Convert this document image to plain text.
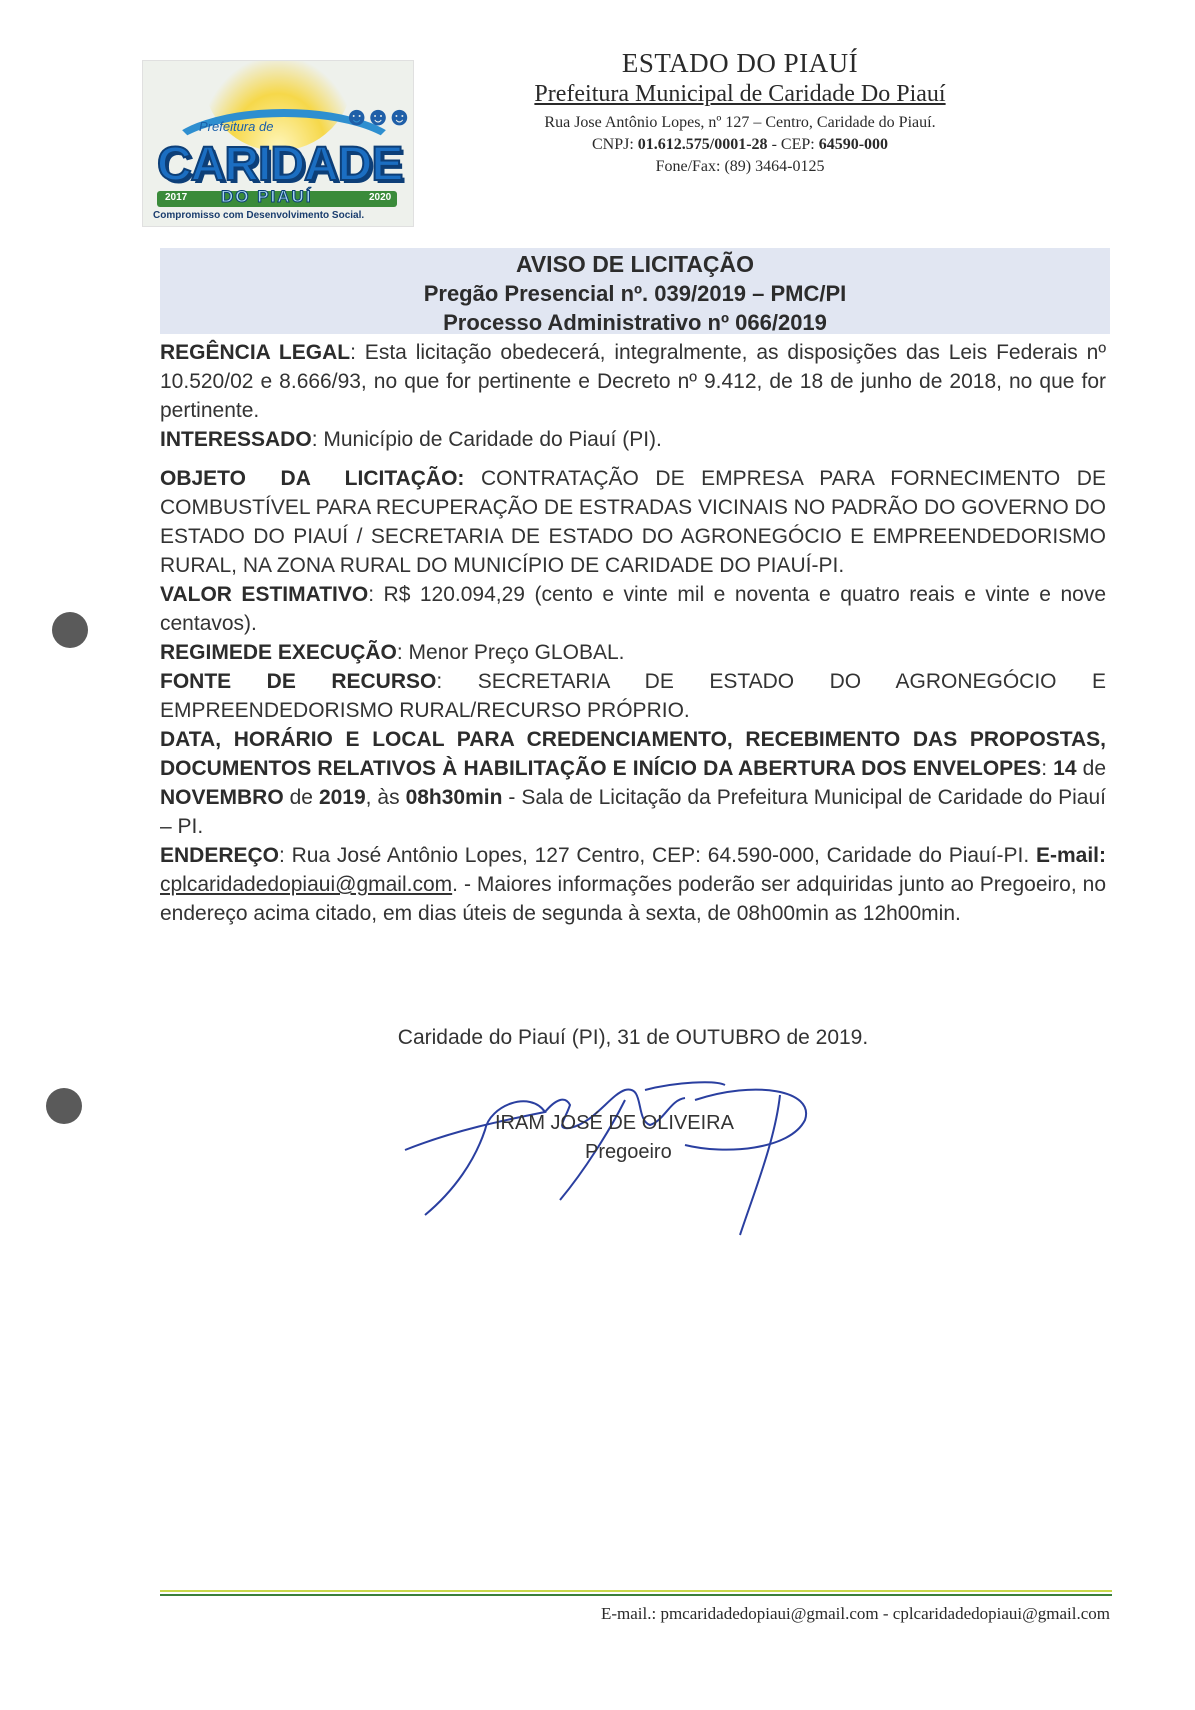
☻☻☻
Prefeitura de
CARIDADE
2017 DO PIAUÍ	2020
Compromisso com Desenvolvimento Social.
ESTADO DO PIAUÍ
Prefeitura Municipal de Caridade Do Piauí
Rua Jose Antônio Lopes, nº 127 – Centro, Caridade do Piauí.
CNPJ: 01.612.575/0001-28 - CEP: 64590-000
Fone/Fax: (89) 3464-0125
AVISO DE LICITAÇÃO
Pregão Presencial nº. 039/2019 – PMC/PI
Processo Administrativo nº 066/2019

REGÊNCIA LEGAL: Esta licitação obedecerá, integralmente, as disposições das Leis Federais nº 10.520/02 e 8.666/93, no que for pertinente e Decreto nº 9.412, de 18 de junho de 2018, no que for pertinente.

INTERESSADO: Município de Caridade do Piauí (PI).

OBJETO DA LICITAÇÃO: CONTRATAÇÃO DE EMPRESA PARA FORNECIMENTO DE COMBUSTÍVEL PARA RECUPERAÇÃO DE ESTRADAS VICINAIS NO PADRÃO DO GOVERNO DO ESTADO DO PIAUÍ / SECRETARIA DE ESTADO DO AGRONEGÓCIO E EMPREENDEDORISMO RURAL, NA ZONA RURAL DO MUNICÍPIO DE CARIDADE DO PIAUÍ-PI.

VALOR ESTIMATIVO: R$ 120.094,29 (cento e vinte mil e noventa e quatro reais e vinte e nove centavos).

REGIMEDE EXECUÇÃO: Menor Preço GLOBAL.

FONTE DE RECURSO: SECRETARIA DE ESTADO DO AGRONEGÓCIO E EMPREENDEDORISMO RURAL/RECURSO PRÓPRIO.

DATA, HORÁRIO E LOCAL PARA CREDENCIAMENTO, RECEBIMENTO DAS PROPOSTAS, DOCUMENTOS RELATIVOS À HABILITAÇÃO E INÍCIO DA ABERTURA DOS ENVELOPES: 14 de NOVEMBRO de 2019, às 08h30min - Sala de Licitação da Prefeitura Municipal de Caridade do Piauí – PI.

ENDEREÇO: Rua José Antônio Lopes, 127 Centro, CEP: 64.590-000, Caridade do Piauí-PI. E-mail: cplcaridadedopiaui@gmail.com. - Maiores informações poderão ser adquiridas junto ao Pregoeiro, no endereço acima citado, em dias úteis de segunda à sexta, de 08h00min as 12h00min.

Caridade do Piauí (PI), 31 de OUTUBRO de 2019.
IRAM JOSÉ DE OLIVEIRA
Pregoeiro
E-mail.: pmcaridadedopiaui@gmail.com - cplcaridadedopiaui@gmail.com
